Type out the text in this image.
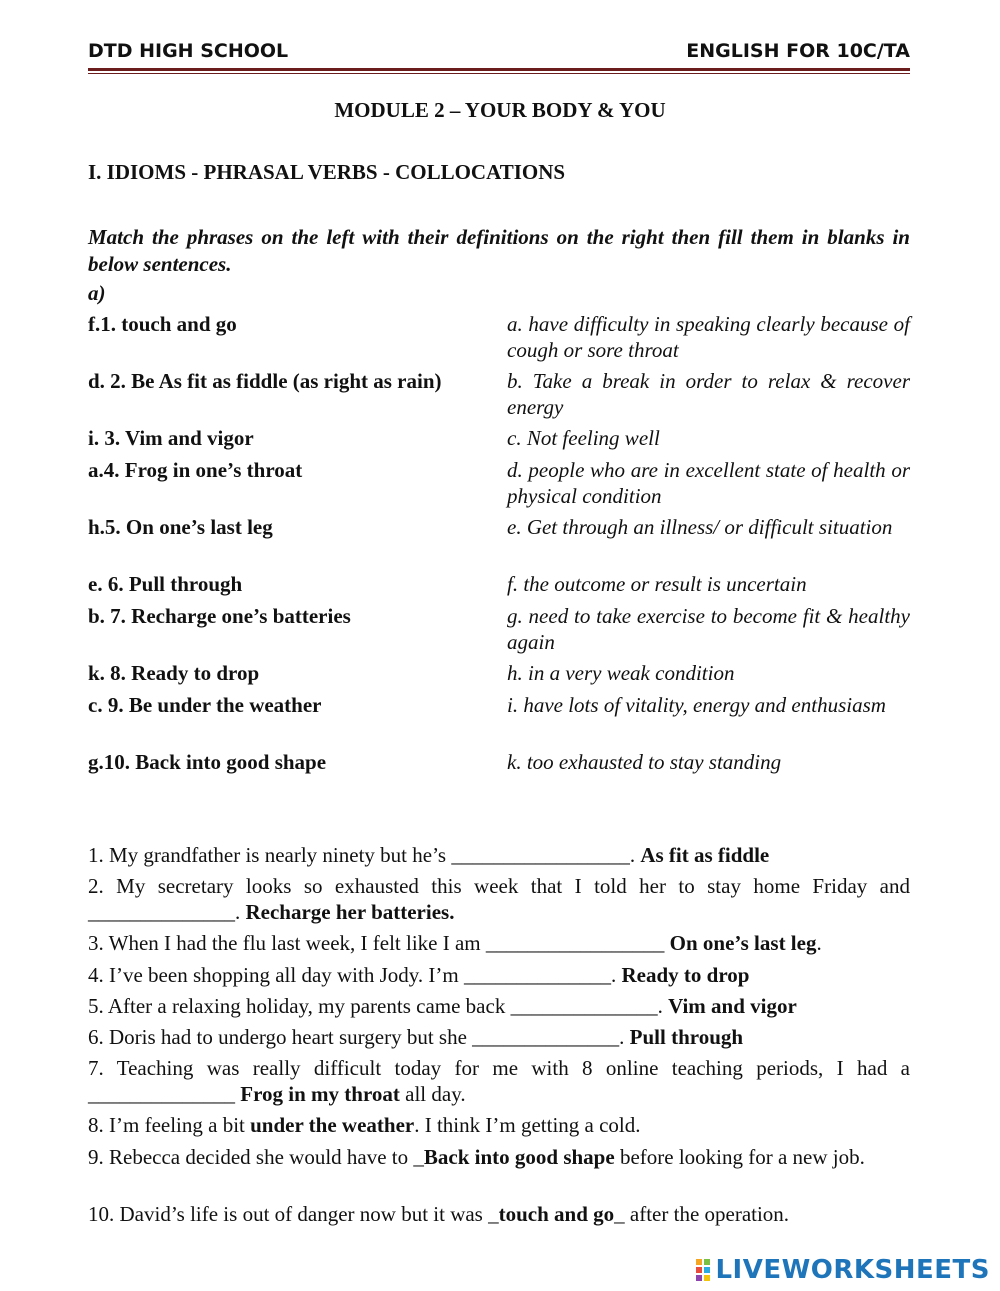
DTD HIGH SCHOOL	ENGLISH FOR 10C/TA
MODULE 2 – YOUR BODY & YOU
I. IDIOMS - PHRASAL VERBS - COLLOCATIONS
Match the phrases on the left with their definitions on the right then fill them in blanks in below sentences.
a)
f.1. touch and go	a. have difficulty in speaking clearly because of cough or sore throat
d. 2. Be As fit as fiddle (as right as rain)	b. Take a break in order to relax & recover energy
i. 3. Vim and vigor	c. Not feeling well
a.4. Frog in one’s throat	d. people who are in excellent state of health or physical condition
h.5. On one’s last leg	e. Get through an illness/ or difficult situation
e. 6. Pull through	f. the outcome or result is uncertain
b. 7. Recharge one’s batteries	g. need to take exercise to become fit & healthy again
k. 8. Ready to drop	h. in a very weak condition
c. 9. Be under the weather	i. have lots of vitality, energy and enthusiasm
g.10. Back into good shape	k. too exhausted to stay standing
1. My grandfather is nearly ninety but he’s _________________. As fit as fiddle
2. My secretary looks so exhausted this week that I told her to stay home Friday and ______________. Recharge her batteries.
3. When I had the flu last week, I felt like I am _________________ On one’s last leg.
4. I’ve been shopping all day with Jody. I’m ______________. Ready to drop
5. After a relaxing holiday, my parents came back ______________. Vim and vigor
6. Doris had to undergo heart surgery but she ______________. Pull through
7. Teaching was really difficult today for me with 8 online teaching periods, I had a ______________ Frog in my throat all day.
8. I’m feeling a bit under the weather. I think I’m getting a cold.
9. Rebecca decided she would have to _Back into good shape before looking for a new job.
10. David’s life is out of danger now but it was _touch and go_ after the operation.
LIVEWORKSHEETS
